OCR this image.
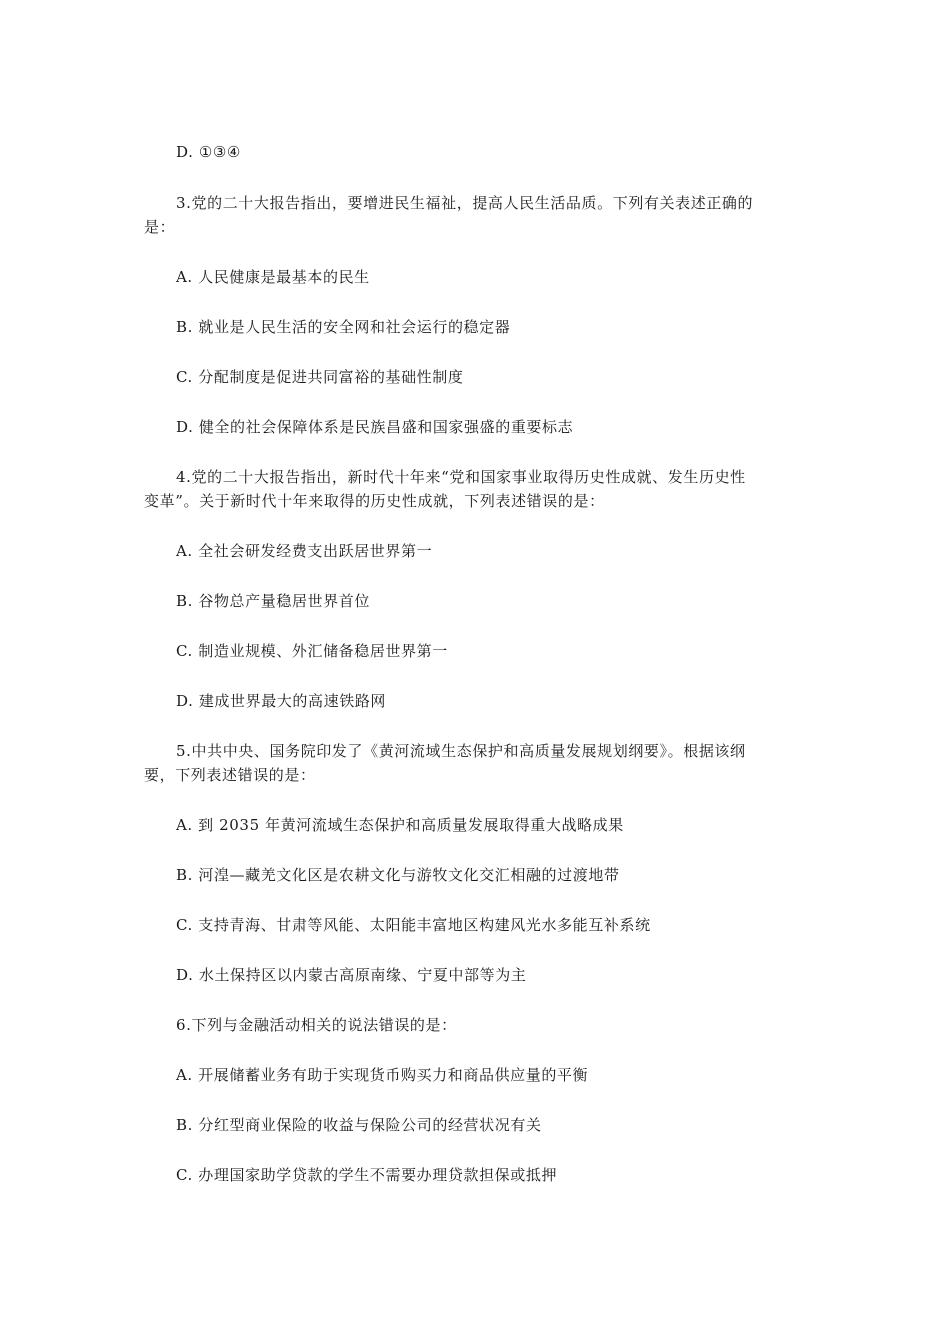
D. ①③④
3.党的二十大报告指出，要增进民生福祉，提高人民生活品质。下列有关表述正确的
是：
A. 人民健康是最基本的民生
B. 就业是人民生活的安全网和社会运行的稳定器
C. 分配制度是促进共同富裕的基础性制度
D. 健全的社会保障体系是民族昌盛和国家强盛的重要标志
4.党的二十大报告指出，新时代十年来“党和国家事业取得历史性成就、发生历史性
变革”。关于新时代十年来取得的历史性成就，下列表述错误的是：
A. 全社会研发经费支出跃居世界第一
B. 谷物总产量稳居世界首位
C. 制造业规模、外汇储备稳居世界第一
D. 建成世界最大的高速铁路网
5.中共中央、国务院印发了《黄河流域生态保护和高质量发展规划纲要》。根据该纲
要，下列表述错误的是：
A. 到 2035 年黄河流域生态保护和高质量发展取得重大战略成果
B. 河湟—藏羌文化区是农耕文化与游牧文化交汇相融的过渡地带
C. 支持青海、甘肃等风能、太阳能丰富地区构建风光水多能互补系统
D. 水土保持区以内蒙古高原南缘、宁夏中部等为主
6.下列与金融活动相关的说法错误的是：
A. 开展储蓄业务有助于实现货币购买力和商品供应量的平衡
B. 分红型商业保险的收益与保险公司的经营状况有关
C. 办理国家助学贷款的学生不需要办理贷款担保或抵押
